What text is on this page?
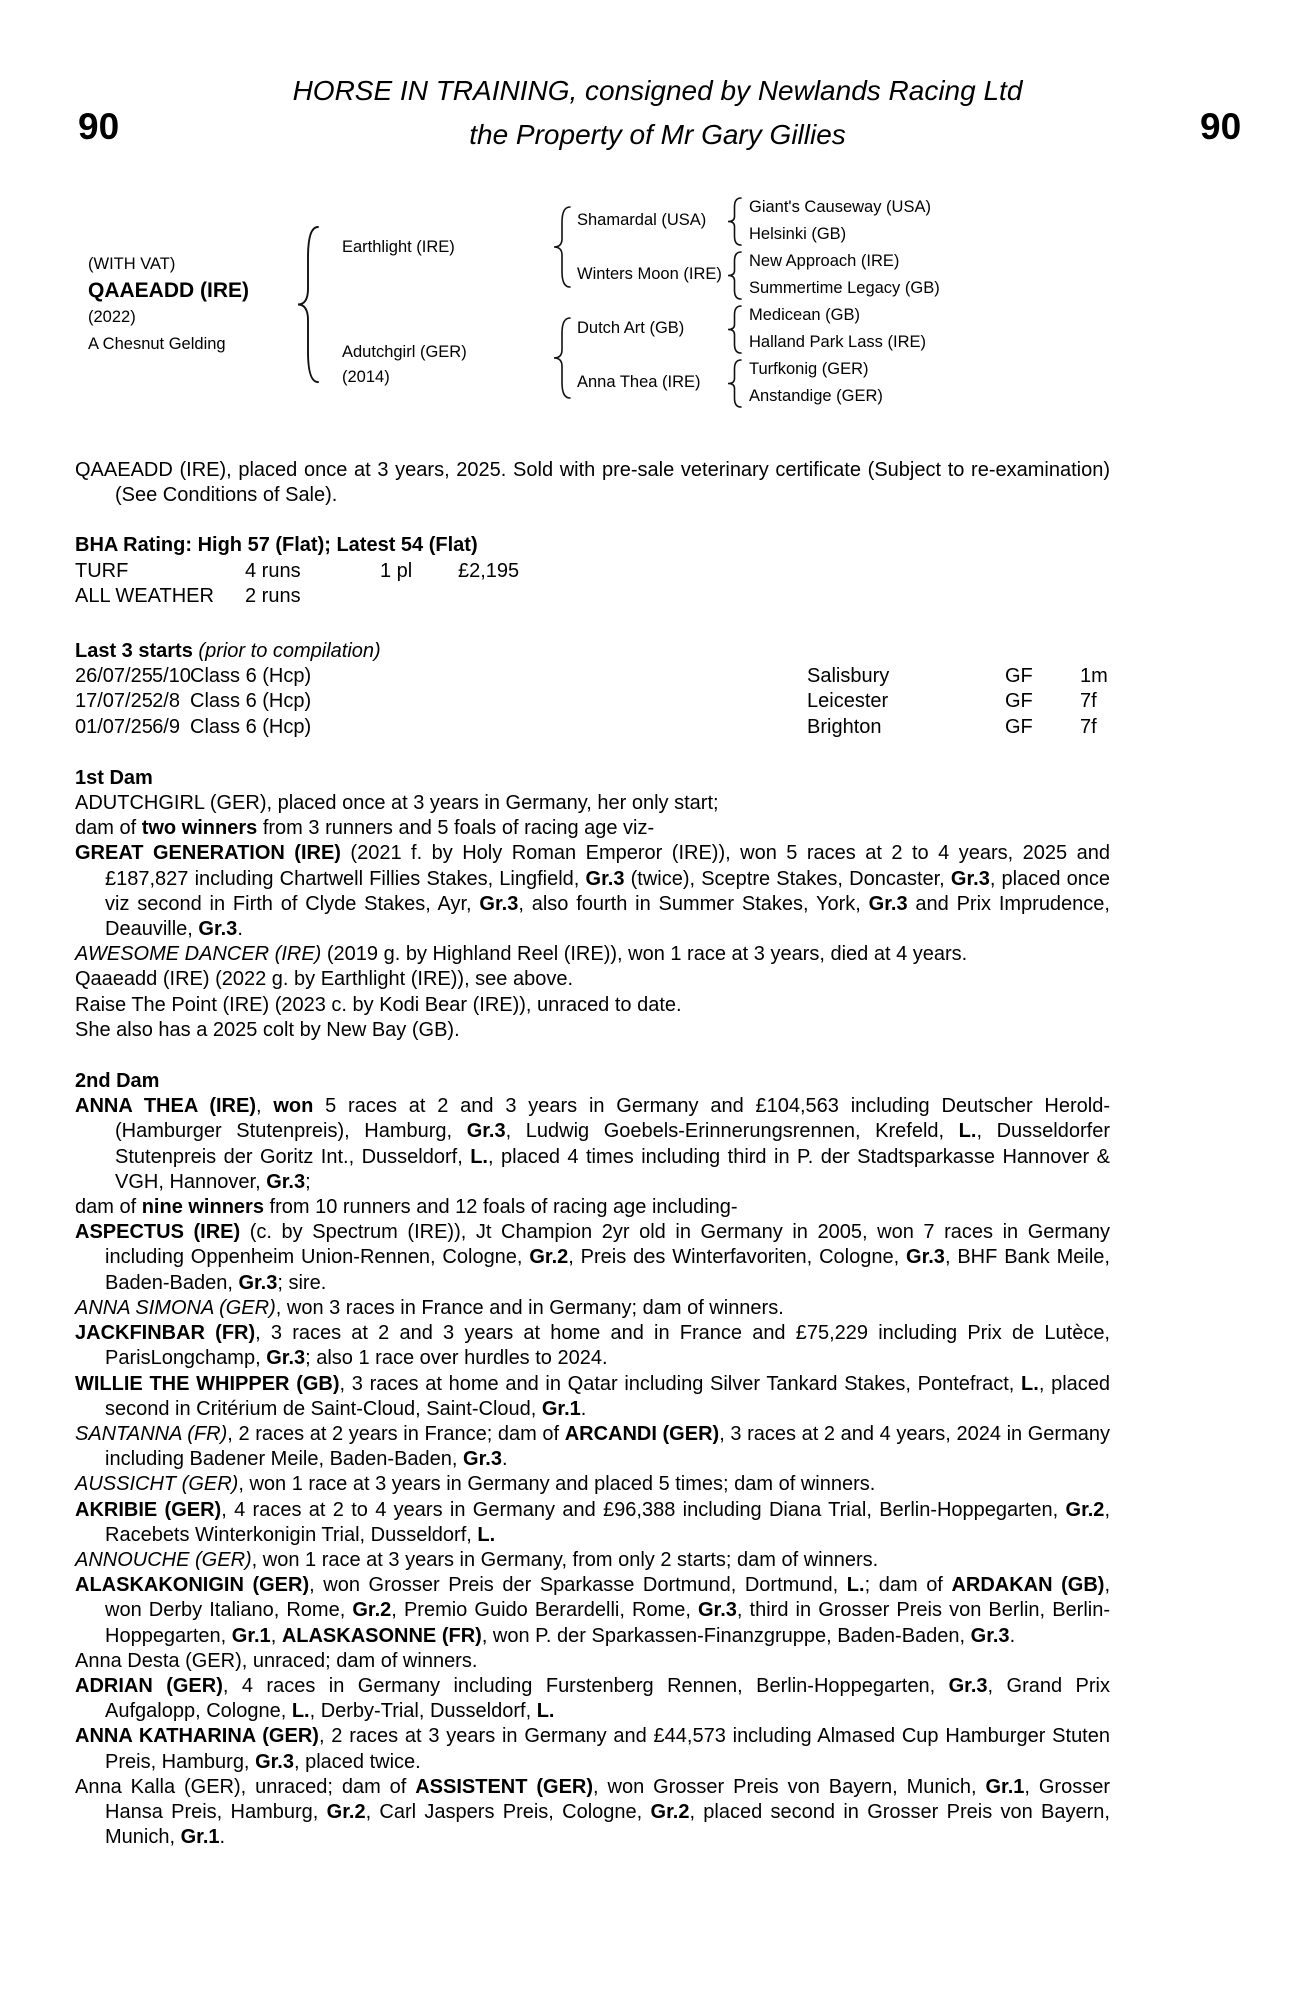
90
HORSE IN TRAINING, consigned by Newlands Racing Ltd
the Property of Mr Gary Gillies	90
(WITH VAT)
QAAEADD (IRE)
(2022)
A Chesnut Gelding
Earthlight (IRE)
Adutchgirl (GER)
(2014)
Shamardal (USA)
Winters Moon (IRE)
Dutch Art (GB)
Anna Thea (IRE)
Giant's Causeway (USA)
Helsinki (GB)
New Approach (IRE)
Summertime Legacy (GB)
Medicean (GB)
Halland Park Lass (IRE)
Turfkonig (GER)
Anstandige (GER)

QAAEADD (IRE), placed once at 3 years, 2025. Sold with pre-sale veterinary certificate (Subject to re-examination) (See Conditions of Sale).

BHA Rating: High 57 (Flat); Latest 54 (Flat)

TURF	4 runs	1 pl	£2,195
ALL WEATHER	2 runs

Last 3 starts (prior to compilation)

26/07/25 5/10 Class 6 (Hcp)	Salisbury	GF	1m
17/07/25 2/8 Class 6 (Hcp)	Leicester	GF	7f
01/07/25 6/9 Class 6 (Hcp)	Brighton	GF	7f

1st Dam

ADUTCHGIRL (GER), placed once at 3 years in Germany, her only start;

dam of two winners from 3 runners and 5 foals of racing age viz-

GREAT GENERATION (IRE) (2021 f. by Holy Roman Emperor (IRE)), won 5 races at 2 to 4 years, 2025 and £187,827 including Chartwell Fillies Stakes, Lingfield, Gr.3 (twice), Sceptre Stakes, Doncaster, Gr.3, placed once viz second in Firth of Clyde Stakes, Ayr, Gr.3, also fourth in Summer Stakes, York, Gr.3 and Prix Imprudence, Deauville, Gr.3.

AWESOME DANCER (IRE) (2019 g. by Highland Reel (IRE)), won 1 race at 3 years, died at 4 years.

Qaaeadd (IRE) (2022 g. by Earthlight (IRE)), see above.

Raise The Point (IRE) (2023 c. by Kodi Bear (IRE)), unraced to date.

She also has a 2025 colt by New Bay (GB).

2nd Dam

ANNA THEA (IRE), won 5 races at 2 and 3 years in Germany and £104,563 including Deutscher Herold-(Hamburger Stutenpreis), Hamburg, Gr.3, Ludwig Goebels-Erinnerungsrennen, Krefeld, L., Dusseldorfer Stutenpreis der Goritz Int., Dusseldorf, L., placed 4 times including third in P. der Stadtsparkasse Hannover & VGH, Hannover, Gr.3;

dam of nine winners from 10 runners and 12 foals of racing age including-

ASPECTUS (IRE) (c. by Spectrum (IRE)), Jt Champion 2yr old in Germany in 2005, won 7 races in Germany including Oppenheim Union-Rennen, Cologne, Gr.2, Preis des Winterfavoriten, Cologne, Gr.3, BHF Bank Meile, Baden-Baden, Gr.3; sire.

ANNA SIMONA (GER), won 3 races in France and in Germany; dam of winners.

JACKFINBAR (FR), 3 races at 2 and 3 years at home and in France and £75,229 including Prix de Lutèce, ParisLongchamp, Gr.3; also 1 race over hurdles to 2024.

WILLIE THE WHIPPER (GB), 3 races at home and in Qatar including Silver Tankard Stakes, Pontefract, L., placed second in Critérium de Saint-Cloud, Saint-Cloud, Gr.1.

SANTANNA (FR), 2 races at 2 years in France; dam of ARCANDI (GER), 3 races at 2 and 4 years, 2024 in Germany including Badener Meile, Baden-Baden, Gr.3.

AUSSICHT (GER), won 1 race at 3 years in Germany and placed 5 times; dam of winners.

AKRIBIE (GER), 4 races at 2 to 4 years in Germany and £96,388 including Diana Trial, Berlin-Hoppegarten, Gr.2, Racebets Winterkonigin Trial, Dusseldorf, L.

ANNOUCHE (GER), won 1 race at 3 years in Germany, from only 2 starts; dam of winners.

ALASKAKONIGIN (GER), won Grosser Preis der Sparkasse Dortmund, Dortmund, L.; dam of ARDAKAN (GB), won Derby Italiano, Rome, Gr.2, Premio Guido Berardelli, Rome, Gr.3, third in Grosser Preis von Berlin, Berlin-Hoppegarten, Gr.1, ALASKASONNE (FR), won P. der Sparkassen-Finanzgruppe, Baden-Baden, Gr.3.

Anna Desta (GER), unraced; dam of winners.

ADRIAN (GER), 4 races in Germany including Furstenberg Rennen, Berlin-Hoppegarten, Gr.3, Grand Prix Aufgalopp, Cologne, L., Derby-Trial, Dusseldorf, L.

ANNA KATHARINA (GER), 2 races at 3 years in Germany and £44,573 including Almased Cup Hamburger Stuten Preis, Hamburg, Gr.3, placed twice.

Anna Kalla (GER), unraced; dam of ASSISTENT (GER), won Grosser Preis von Bayern, Munich, Gr.1, Grosser Hansa Preis, Hamburg, Gr.2, Carl Jaspers Preis, Cologne, Gr.2, placed second in Grosser Preis von Bayern, Munich, Gr.1.
